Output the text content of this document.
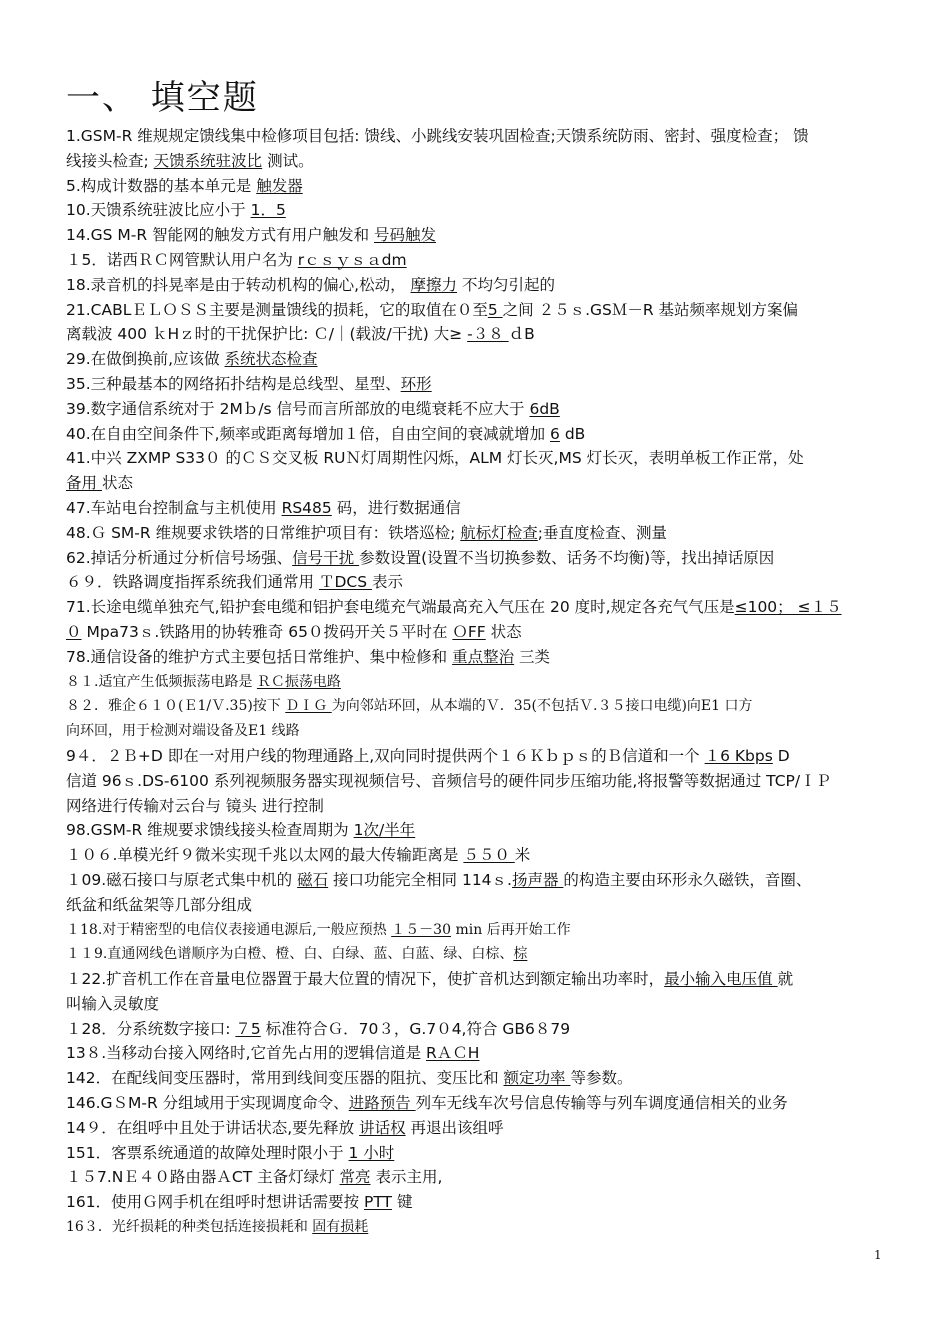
一、 填空题
1.GSM-R 维规规定馈线集中检修项目包括: 馈线、小跳线安装巩固检查;天馈系统防雨、密封、强度检查； 馈
线接头检查; 天馈系统驻波比 测试。
5.构成计数器的基本单元是 触发器
10.天馈系统驻波比应小于 1．5
14.GS M-R 智能网的触发方式有用户触发和 号码触发
１5．诺西ＲＣ网管默认用户名为 rｃｓｙｓａdm
18.录音机的抖晃率是由于转动机构的偏心,松动， 摩擦力 不均匀引起的
21.CABLＥＬＯＳＳ主要是测量馈线的损耗，它的取值在０至5 之间 ２５ｓ.GSＭ－R 基站频率规划方案偏
离载波 400 ｋHｚ时的干扰保护比: Ｃ/｜(载波/干扰) 大≥ -３８ ｄB
29.在做倒换前,应该做 系统状态检查
35.三种最基本的网络拓扑结构是总线型、星型、环形
39.数字通信系统对于 2Mｂ/s 信号而言所部放的电缆衰耗不应大于 6dB
40.在自由空间条件下,频率或距离每增加１倍，自由空间的衰减就增加 6 dB
41.中兴 ZXMP S33０ 的ＣＳ交叉板 RUＮ灯周期性闪烁，ALM 灯长灭,MS 灯长灭，表明单板工作正常，处
备用 状态
47.车站电台控制盒与主机使用 RS485 码，进行数据通信
48.Ｇ SM-R 维规要求铁塔的日常维护项目有：铁塔巡检; 航标灯检查;垂直度检查、测量
62.掉话分析通过分析信号场强、信号干扰 参数设置(设置不当切换参数、话务不均衡)等，找出掉话原因
６９．铁路调度指挥系统我们通常用 ＴDCS 表示
71.长途电缆单独充气,铅护套电缆和铝护套电缆充气端最高充入气压在 20 度时,规定各充气气压是≤100； ≤１５
０ Mpa73ｓ.铁路用的协转雅奇 65０拨码开关５平时在 ＯFF 状态
78.通信设备的维护方式主要包括日常维护、集中检修和 重点整治 三类
８１.适宜产生低频振荡电路是 ＲＣ振荡电路
８２．雅企６１０(Ｅ1/Ｖ.35)按下 ＤＩＧ 为向邻站环回，从本端的Ｖ．35(不包括Ｖ.３５接口电缆)向E1 口方
向环回，用于检测对端设备及E1 线路
9４．２Ｂ+D 即在一对用户线的物理通路上,双向同时提供两个１６Ｋｂｐｓ的Ｂ信道和一个 １6 Kbps D
信道 96ｓ.DS-6100 系列视频服务器实现视频信号、音频信号的硬件同步压缩功能,将报警等数据通过 TCP/ＩＰ
网络进行传输对云台与 镜头 进行控制
98.GSM-R 维规要求馈线接头检查周期为 1次/半年
１０６.单模光纤９微米实现千兆以太网的最大传输距离是 ５５０ 米
１09.磁石接口与原老式集中机的 磁石 接口功能完全相同 114ｓ.扬声器 的构造主要由环形永久磁铁，音圈、
纸盆和纸盆架等几部分组成
１18.对于精密型的电信仪表接通电源后,一般应预热 １５－30 min 后再开始工作
１１9.直通网线色谱顺序为白橙、橙、白、白绿、蓝、白蓝、绿、白棕、棕
１22.扩音机工作在音量电位器置于最大位置的情况下，使扩音机达到额定输出功率时，最小输入电压值 就
叫输入灵敏度
１28．分系统数字接口: ７5 标准符合Ｇ．70３，G.7０4,符合 GB6８79
13８.当移动台接入网络时,它首先占用的逻辑信道是 RＡＣH
142．在配线间变压器时，常用到线间变压器的阻抗、变压比和 额定功率 等参数。
146.GＳM-R 分组域用于实现调度命令、进路预告 列车无线车次号信息传输等与列车调度通信相关的业务
14９．在组呼中且处于讲话状态,要先释放 讲话权 再退出该组呼
151．客票系统通道的故障处理时限小于 1 小时
１５7.NＥ４０路由器ＡCT 主备灯绿灯 常亮 表示主用,
161．使用Ｇ网手机在组呼时想讲话需要按 PTT 键
16３．光纤损耗的种类包括连接损耗和 固有损耗
1
